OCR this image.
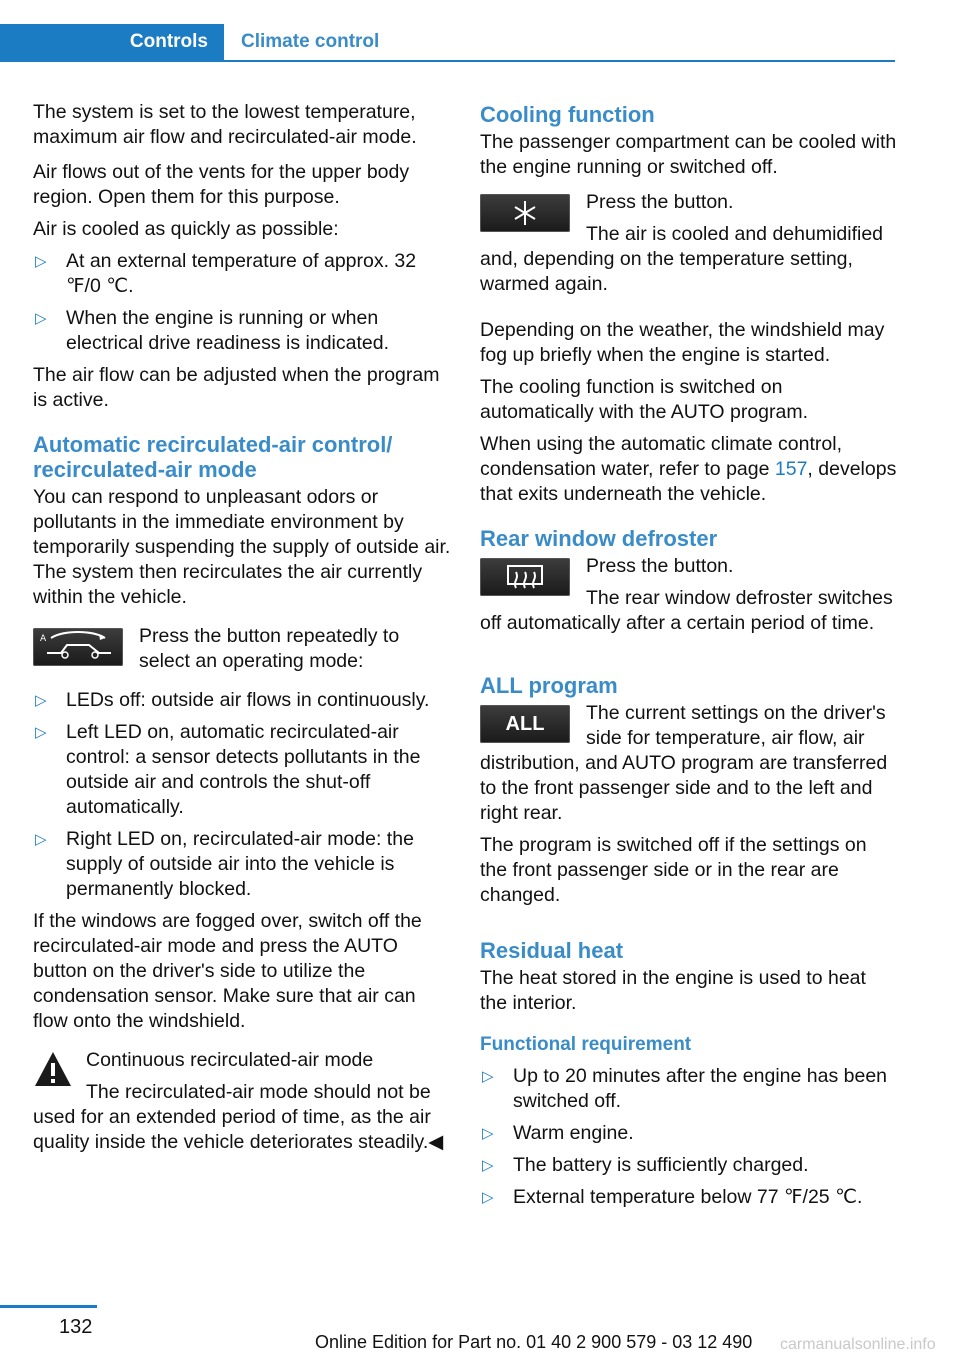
Controls	Climate control

The system is set to the lowest temperature, maximum air flow and recirculated-air mode.

Air flows out of the vents for the upper body region. Open them for this purpose.

Air is cooled as quickly as possible:

▷ At an external temperature of approx. 32 ℉/0 ℃.
▷ When the engine is running or when electrical drive readiness is indicated.

The air flow can be adjusted when the program is active.

Automatic recirculated-air control/ recirculated-air mode

You can respond to unpleasant odors or pollutants in the immediate environment by temporarily suspending the supply of outside air. The system then recirculates the air currently within the vehicle.

A	Press the button repeatedly to select an operating mode:
▷ LEDs off: outside air flows in continuously.
▷ Left LED on, automatic recirculated-air control: a sensor detects pollutants in the outside air and controls the shut-off automatically.
▷ Right LED on, recirculated-air mode: the supply of outside air into the vehicle is permanently blocked.

If the windows are fogged over, switch off the recirculated-air mode and press the AUTO button on the driver's side to utilize the condensation sensor. Make sure that air can flow onto the windshield.

Continuous recirculated-air mode

The recirculated-air mode should not be used for an extended period of time, as the air quality inside the vehicle deteriorates steadily.◀

Cooling function

The passenger compartment can be cooled with the engine running or switched off.

Press the button.

The air is cooled and dehumidified and, depending on the temperature setting, warmed again.

Depending on the weather, the windshield may fog up briefly when the engine is started.

The cooling function is switched on automatically with the AUTO program.

When using the automatic climate control, condensation water, refer to page 157, develops that exits underneath the vehicle.

Rear window defroster

Press the button.

The rear window defroster switches off automatically after a certain period of time.

ALL program
ALL	The current settings on the driver's side for temperature, air flow, air distribution, and AUTO program are transferred to the front passenger side and to the left and right rear.

The program is switched off if the settings on the front passenger side or in the rear are changed.

Residual heat

The heat stored in the engine is used to heat the interior.

Functional requirement
▷ Up to 20 minutes after the engine has been switched off.
▷ Warm engine.
▷ The battery is sufficiently charged.
▷ External temperature below 77 ℉/25 ℃.
132
Online Edition for Part no. 01 40 2 900 579 - 03 12 490 carmanualsonline.info
